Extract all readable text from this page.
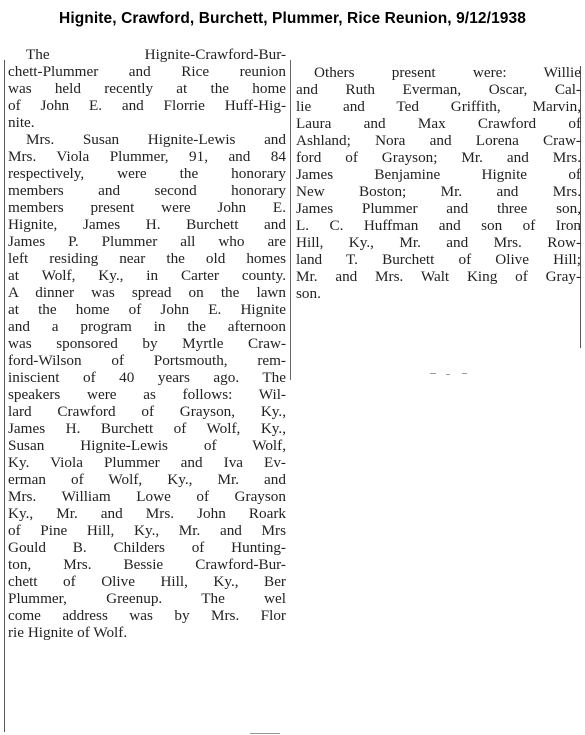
Hignite, Crawford, Burchett, Plummer, Rice Reunion, 9/12/1938
The Hignite-Crawford-Bur-
chett-Plummer and Rice reunion
was held recently at the home
of John E. and Florrie Huff-Hig-
nite.
Mrs. Susan Hignite-Lewis and
Mrs. Viola Plummer, 91, and 84
respectively, were the honorary
members and second honorary
members present were John E.
Hignite, James H. Burchett and
James P. Plummer all who are
left residing near the old homes
at Wolf, Ky., in Carter county.
A dinner was spread on the lawn
at the home of John E. Hignite
and a program in the afternoon
was sponsored by Myrtle Craw-
ford-Wilson of Portsmouth, rem-
iniscient of 40 years ago. The
speakers were as follows: Wil-
lard Crawford of Grayson, Ky.,
James H. Burchett of Wolf, Ky.,
Susan Hignite-Lewis of Wolf,
Ky. Viola Plummer and Iva Ev-
erman of Wolf, Ky., Mr. and
Mrs. William Lowe of Grayson
Ky., Mr. and Mrs. John Roark
of Pine Hill, Ky., Mr. and Mrs
Gould B. Childers of Hunting-
ton, Mrs. Bessie Crawford-Bur-
chett of Olive Hill, Ky., Ber
Plummer, Greenup. The wel
come address was by Mrs. Flor
rie Hignite of Wolf.
Others present were: Willie
and Ruth Everman, Oscar, Cal-
lie and Ted Griffith, Marvin,
Laura and Max Crawford of
Ashland; Nora and Lorena Craw-
ford of Grayson; Mr. and Mrs.
James Benjamine Hignite of
New Boston; Mr. and Mrs.
James Plummer and three son,
L. C. Huffman and son of Iron
Hill, Ky., Mr. and Mrs. Row-
land T. Burchett of Olive Hill;
Mr. and Mrs. Walt King of Gray-
son.
